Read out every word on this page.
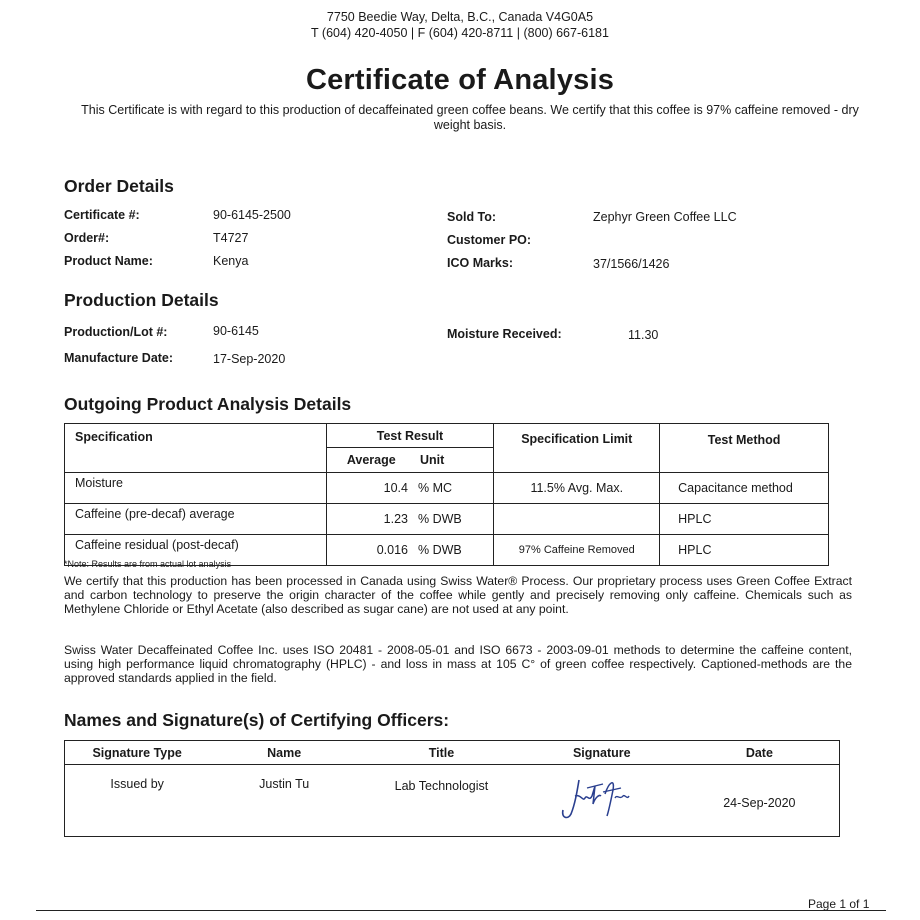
7750 Beedie Way, Delta, B.C., Canada V4G0A5
T (604) 420-4050 | F (604) 420-8711 | (800) 667-6181
Certificate of Analysis
This Certificate is with regard to this production of decaffeinated green coffee beans. We certify that this coffee is 97% caffeine removed - dry weight basis.
Order Details
Certificate #:	90-6145-2500
Order#:	T4727
Product Name:	Kenya
Sold To:	Zephyr Green Coffee LLC
Customer PO:
ICO Marks:	37/1566/1426
Production Details
Production/Lot #:	90-6145
Manufacture Date:	17-Sep-2020
Moisture Received:	11.30
Outgoing Product Analysis Details
Specification	Test Result		Specification Limit	Test Method
	Average	Unit		
Moisture	10.4	% MC	11.5% Avg. Max.	Capacitance method
Caffeine (pre-decaf) average	1.23	% DWB		HPLC
Caffeine residual (post-decaf)	0.016	% DWB	97% Caffeine Removed	HPLC
*Note: Results are from actual lot analysis
We certify that this production has been processed in Canada using Swiss Water® Process. Our proprietary process uses Green Coffee Extract and carbon technology to preserve the origin character of the coffee while gently and precisely removing only caffeine. Chemicals such as Methylene Chloride or Ethyl Acetate (also described as sugar cane) are not used at any point.
Swiss Water Decaffeinated Coffee Inc. uses ISO 20481 - 2008-05-01 and ISO 6673 - 2003-09-01 methods to determine the caffeine content, using high performance liquid chromatography (HPLC) - and loss in mass at 105 C° of green coffee respectively. Captioned-methods are the approved standards applied in the field.
Names and Signature(s) of Certifying Officers:
Signature Type	Name	Title	Signature	Date
Issued by	Justin Tu	Lab Technologist		24-Sep-2020
Page 1 of 1
